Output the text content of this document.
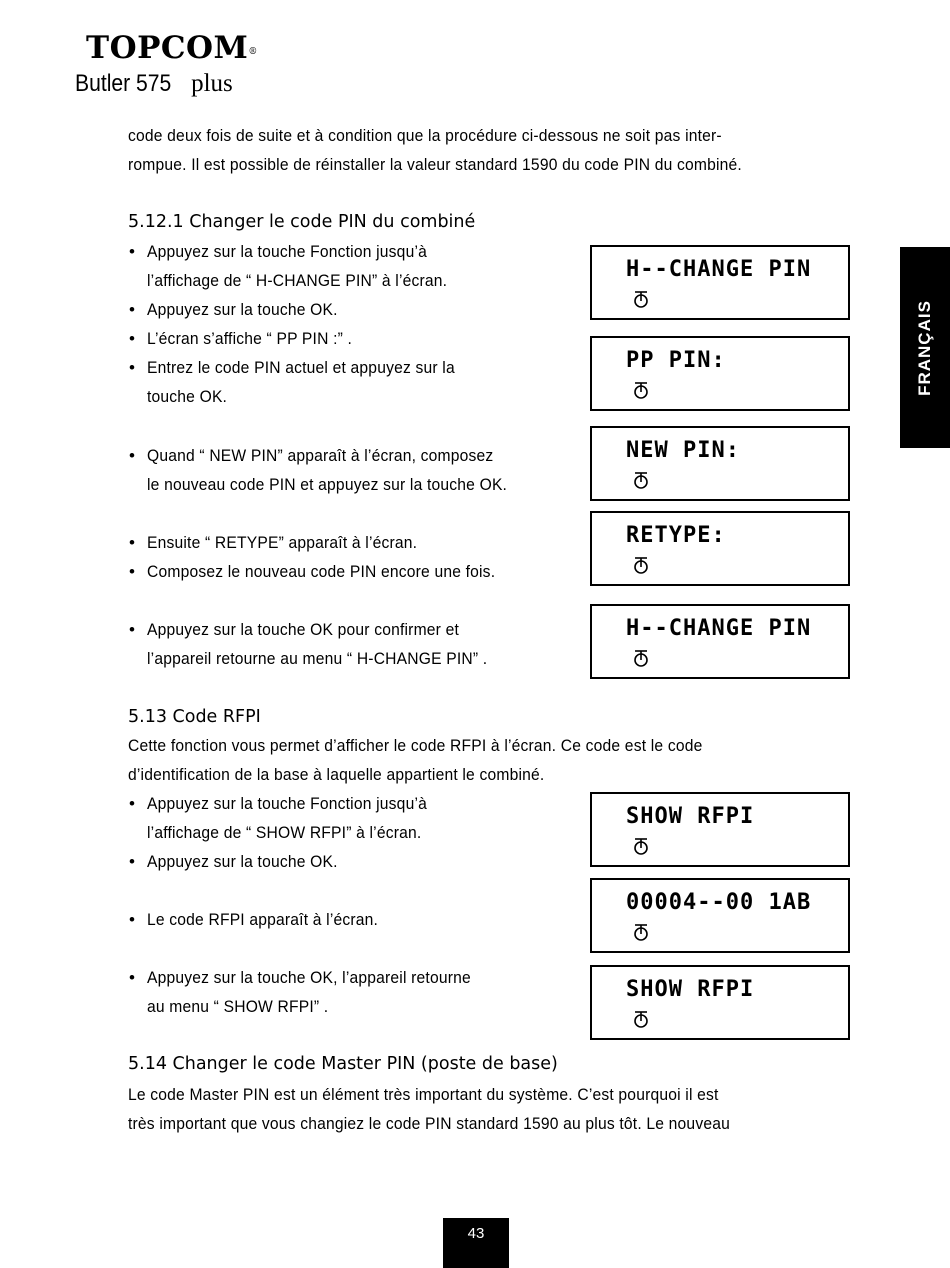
TOPCOM®
Butler 575 plus
FRANÇAIS
code deux fois de suite et à condition que la procédure ci-dessous ne soit pas inter-
rompue. Il est possible de réinstaller la valeur standard 1590 du code PIN du combiné.
5.12.1 Changer le code PIN du combiné
• Appuyez sur la touche Fonction jusqu’à
l’affichage de “ H-CHANGE PIN” à l’écran.
• Appuyez sur la touche OK.
• L’écran s’affiche “ PP PIN :” .
• Entrez le code PIN actuel et appuyez sur la
touche OK.
• Quand “ NEW PIN” apparaît à l’écran, composez
le nouveau code PIN et appuyez sur la touche OK.
• Ensuite “ RETYPE” apparaît à l’écran.
• Composez le nouveau code PIN encore une fois.
• Appuyez sur la touche OK pour confirmer et
l’appareil retourne au menu “ H-CHANGE PIN” .
5.13 Code RFPI
Cette fonction vous permet d’afficher le code RFPI à l’écran. Ce code est le code
d’identification de la base à laquelle appartient le combiné.
• Appuyez sur la touche Fonction jusqu’à
l’affichage de “ SHOW RFPI” à l’écran.
• Appuyez sur la touche OK.
• Le code RFPI apparaît à l’écran.
• Appuyez sur la touche OK, l’appareil retourne
au menu “ SHOW RFPI” .
5.14 Changer le code Master PIN (poste de base)
Le code Master PIN est un élément très important du système. C’est pourquoi il est
très important que vous changiez le code PIN standard 1590 au plus tôt. Le nouveau
H--CHANGE PIN
PP PIN:
NEW PIN:
RETYPE:
H--CHANGE PIN
SHOW RFPI
00004--00 1AB
SHOW RFPI
43
